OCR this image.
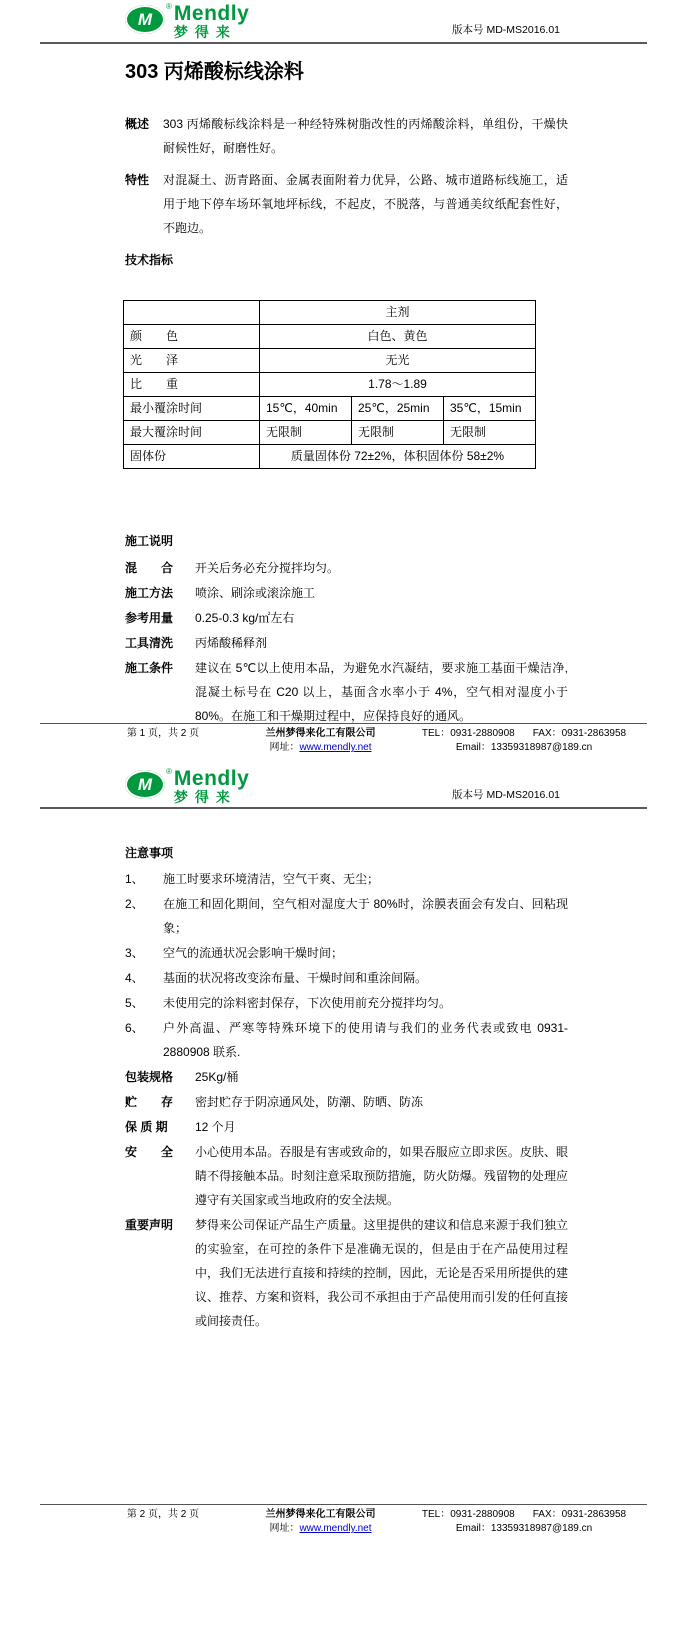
M
® Mendly
梦得来	版本号 MD-MS2016.01
303 丙烯酸标线涂料
概述	303 丙烯酸标线涂料是一种经特殊树脂改性的丙烯酸涂料，单组份，干燥快耐候性好，耐磨性好。
特性	对混凝土、沥青路面、金属表面附着力优异，公路、城市道路标线施工，适用于地下停车场环氧地坪标线，不起皮，不脱落，与普通美纹纸配套性好，不跑边。
技术指标
	主剂		
颜　　色	白色、黄色		
光　　泽	无光		
比　　重	1.78～1.89		
最小覆涂时间	15℃，40min	25℃，25min	35℃，15min
最大覆涂时间	无限制	无限制	无限制
固体份	质量固体份 72±2%，体积固体份 58±2%		
施工说明
混　　合	开关后务必充分搅拌均匀。
施工方法	喷涂、刷涂或滚涂施工
参考用量	0.25-0.3 kg/㎡左右
工具清洗	丙烯酸稀释剂
施工条件	建议在 5℃以上使用本品，为避免水汽凝结，要求施工基面干燥洁净, 混凝土标号在 C20 以上，基面含水率小于 4%，空气相对湿度小于 80%。在施工和干燥期过程中，应保持良好的通风。
第 1 页，共 2 页	兰州梦得来化工有限公司
网址：www.mendly.net
TEL：0931-2880908 FAX：0931-2863958
Email：13359318987@189.cn
M
® Mendly
梦得来	版本号 MD-MS2016.01
注意事项
1、	施工时要求环境清洁，空气干爽、无尘；
2、	在施工和固化期间，空气相对湿度大于 80%时，涂膜表面会有发白、回粘现象；
3、	空气的流通状况会影响干燥时间；
4、	基面的状况将改变涂布量、干燥时间和重涂间隔。
5、	未使用完的涂料密封保存，下次使用前充分搅拌均匀。
6、	户外高温、严寒等特殊环境下的使用请与我们的业务代表或致电 0931-2880908 联系.
包装规格	25Kg/桶
贮　　存	密封贮存于阴凉通风处，防潮、防晒、防冻
保 质 期	12 个月
安　　全	小心使用本品。吞服是有害或致命的，如果吞服应立即求医。皮肤、眼睛不得接触本品。时刻注意采取预防措施，防火防爆。残留物的处理应遵守有关国家或当地政府的安全法规。
重要声明	梦得来公司保证产品生产质量。这里提供的建议和信息来源于我们独立的实验室，在可控的条件下是准确无误的，但是由于在产品使用过程中，我们无法进行直接和持续的控制，因此，无论是否采用所提供的建议、推荐、方案和资料，我公司不承担由于产品使用而引发的任何直接或间接责任。
第 2 页，共 2 页	兰州梦得来化工有限公司
网址：www.mendly.net
TEL：0931-2880908 FAX：0931-2863958
Email：13359318987@189.cn
